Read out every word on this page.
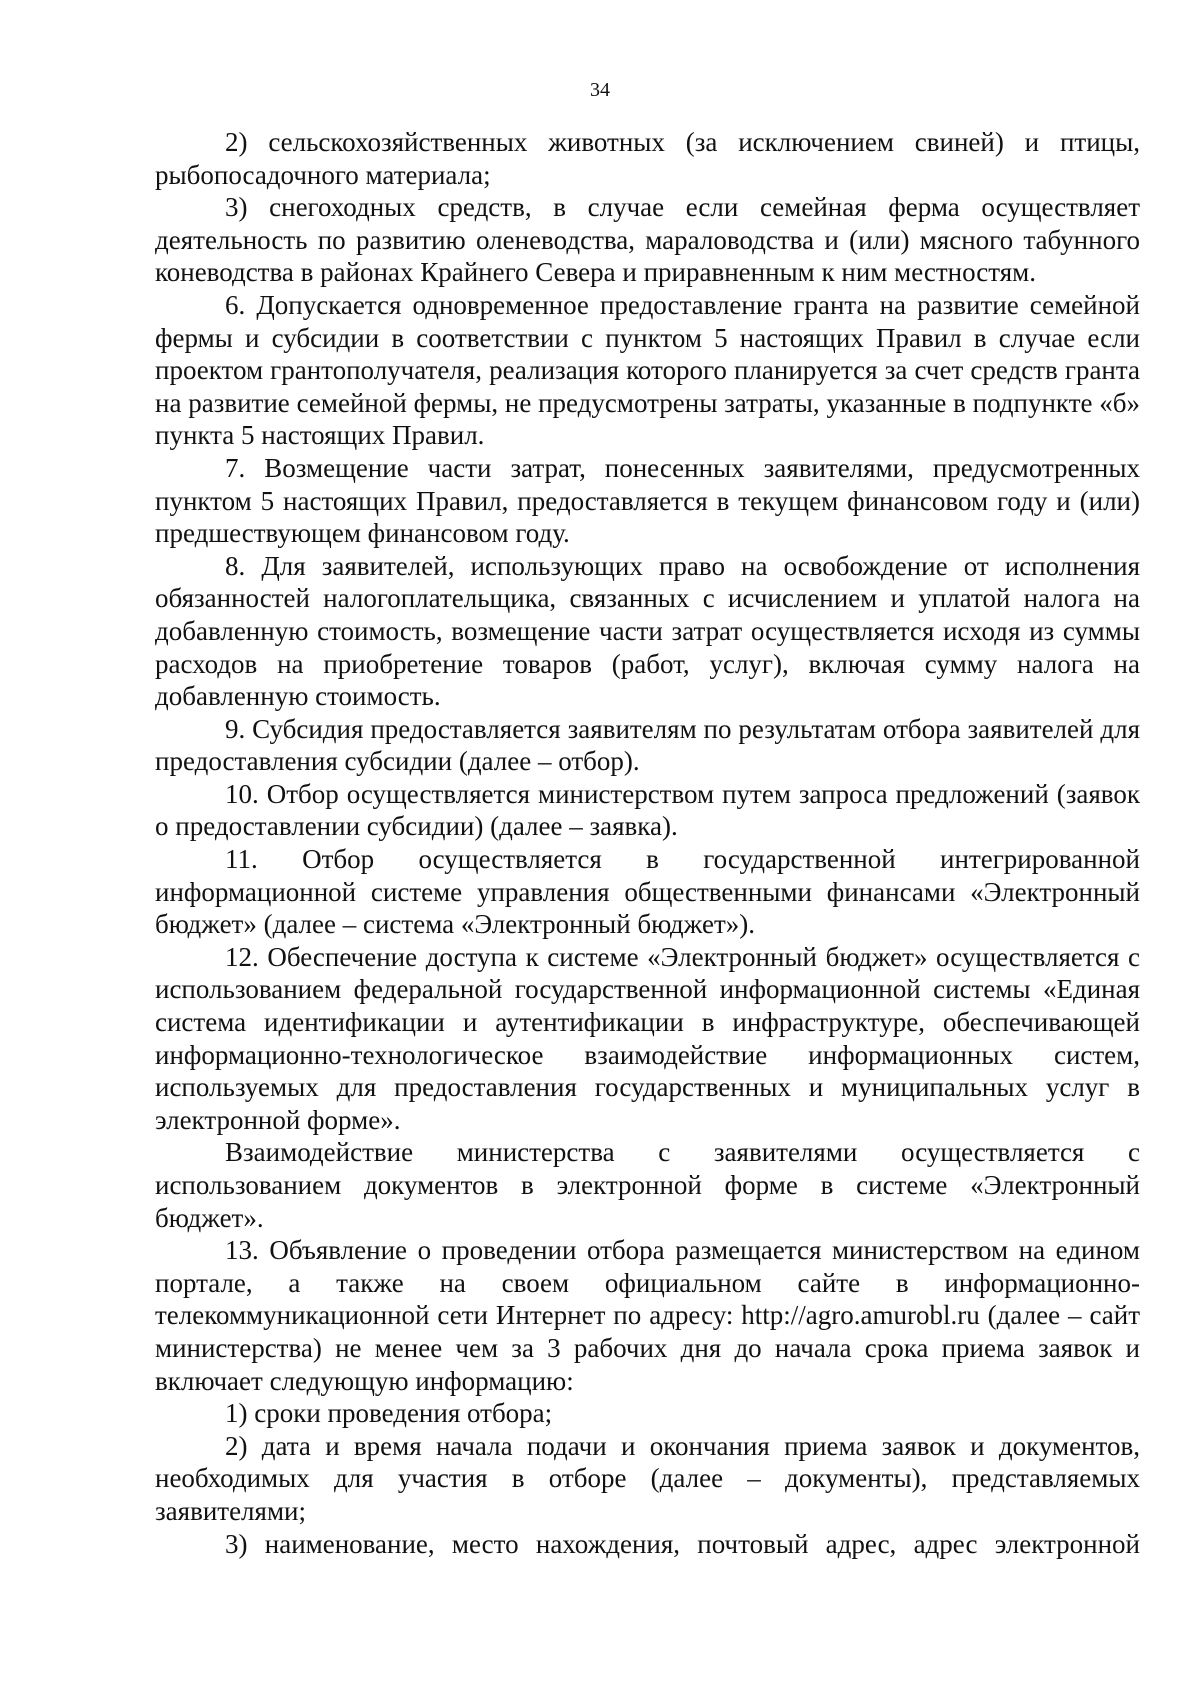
34

2) сельскохозяйственных животных (за исключением свиней) и птицы, рыбопосадочного материала;

3) снегоходных средств, в случае если семейная ферма осуществляет деятельность по развитию оленеводства, мараловодства и (или) мясного табунного коневодства в районах Крайнего Севера и приравненным к ним местностям.

6. Допускается одновременное предоставление гранта на развитие семейной фермы и субсидии в соответствии с пунктом 5 настоящих Правил в случае если проектом грантополучателя, реализация которого планируется за счет средств гранта на развитие семейной фермы, не предусмотрены затраты, указанные в подпункте «б» пункта 5 настоящих Правил.

7. Возмещение части затрат, понесенных заявителями, предусмотренных пунктом 5 настоящих Правил, предоставляется в текущем финансовом году и (или) предшествующем финансовом году.

8. Для заявителей, использующих право на освобождение от исполнения обязанностей налогоплательщика, связанных с исчислением и уплатой налога на добавленную стоимость, возмещение части затрат осуществляется исходя из суммы расходов на приобретение товаров (работ, услуг), включая сумму налога на добавленную стоимость.

9. Субсидия предоставляется заявителям по результатам отбора заявителей для предоставления субсидии (далее – отбор).

10. Отбор осуществляется министерством путем запроса предложений (заявок о предоставлении субсидии) (далее – заявка).

11. Отбор осуществляется в государственной интегрированной информационной системе управления общественными финансами «Электронный бюджет» (далее – система «Электронный бюджет»).

12. Обеспечение доступа к системе «Электронный бюджет» осуществляется с использованием федеральной государственной информационной системы «Единая система идентификации и аутентификации в инфраструктуре, обеспечивающей информационно-технологическое взаимодействие информационных систем, используемых для предоставления государственных и муниципальных услуг в электронной форме».

Взаимодействие министерства с заявителями осуществляется с использованием документов в электронной форме в системе «Электронный бюджет».

13. Объявление о проведении отбора размещается министерством на едином портале, а также на своем официальном сайте в информационно-телекоммуникационной сети Интернет по адресу: http://agro.amurobl.ru (далее – сайт министерства) не менее чем за 3 рабочих дня до начала срока приема заявок и включает следующую информацию:

1) сроки проведения отбора;

2) дата и время начала подачи и окончания приема заявок и документов, необходимых для участия в отборе (далее – документы), представляемых заявителями;

3) наименование, место нахождения, почтовый адрес, адрес электронной
